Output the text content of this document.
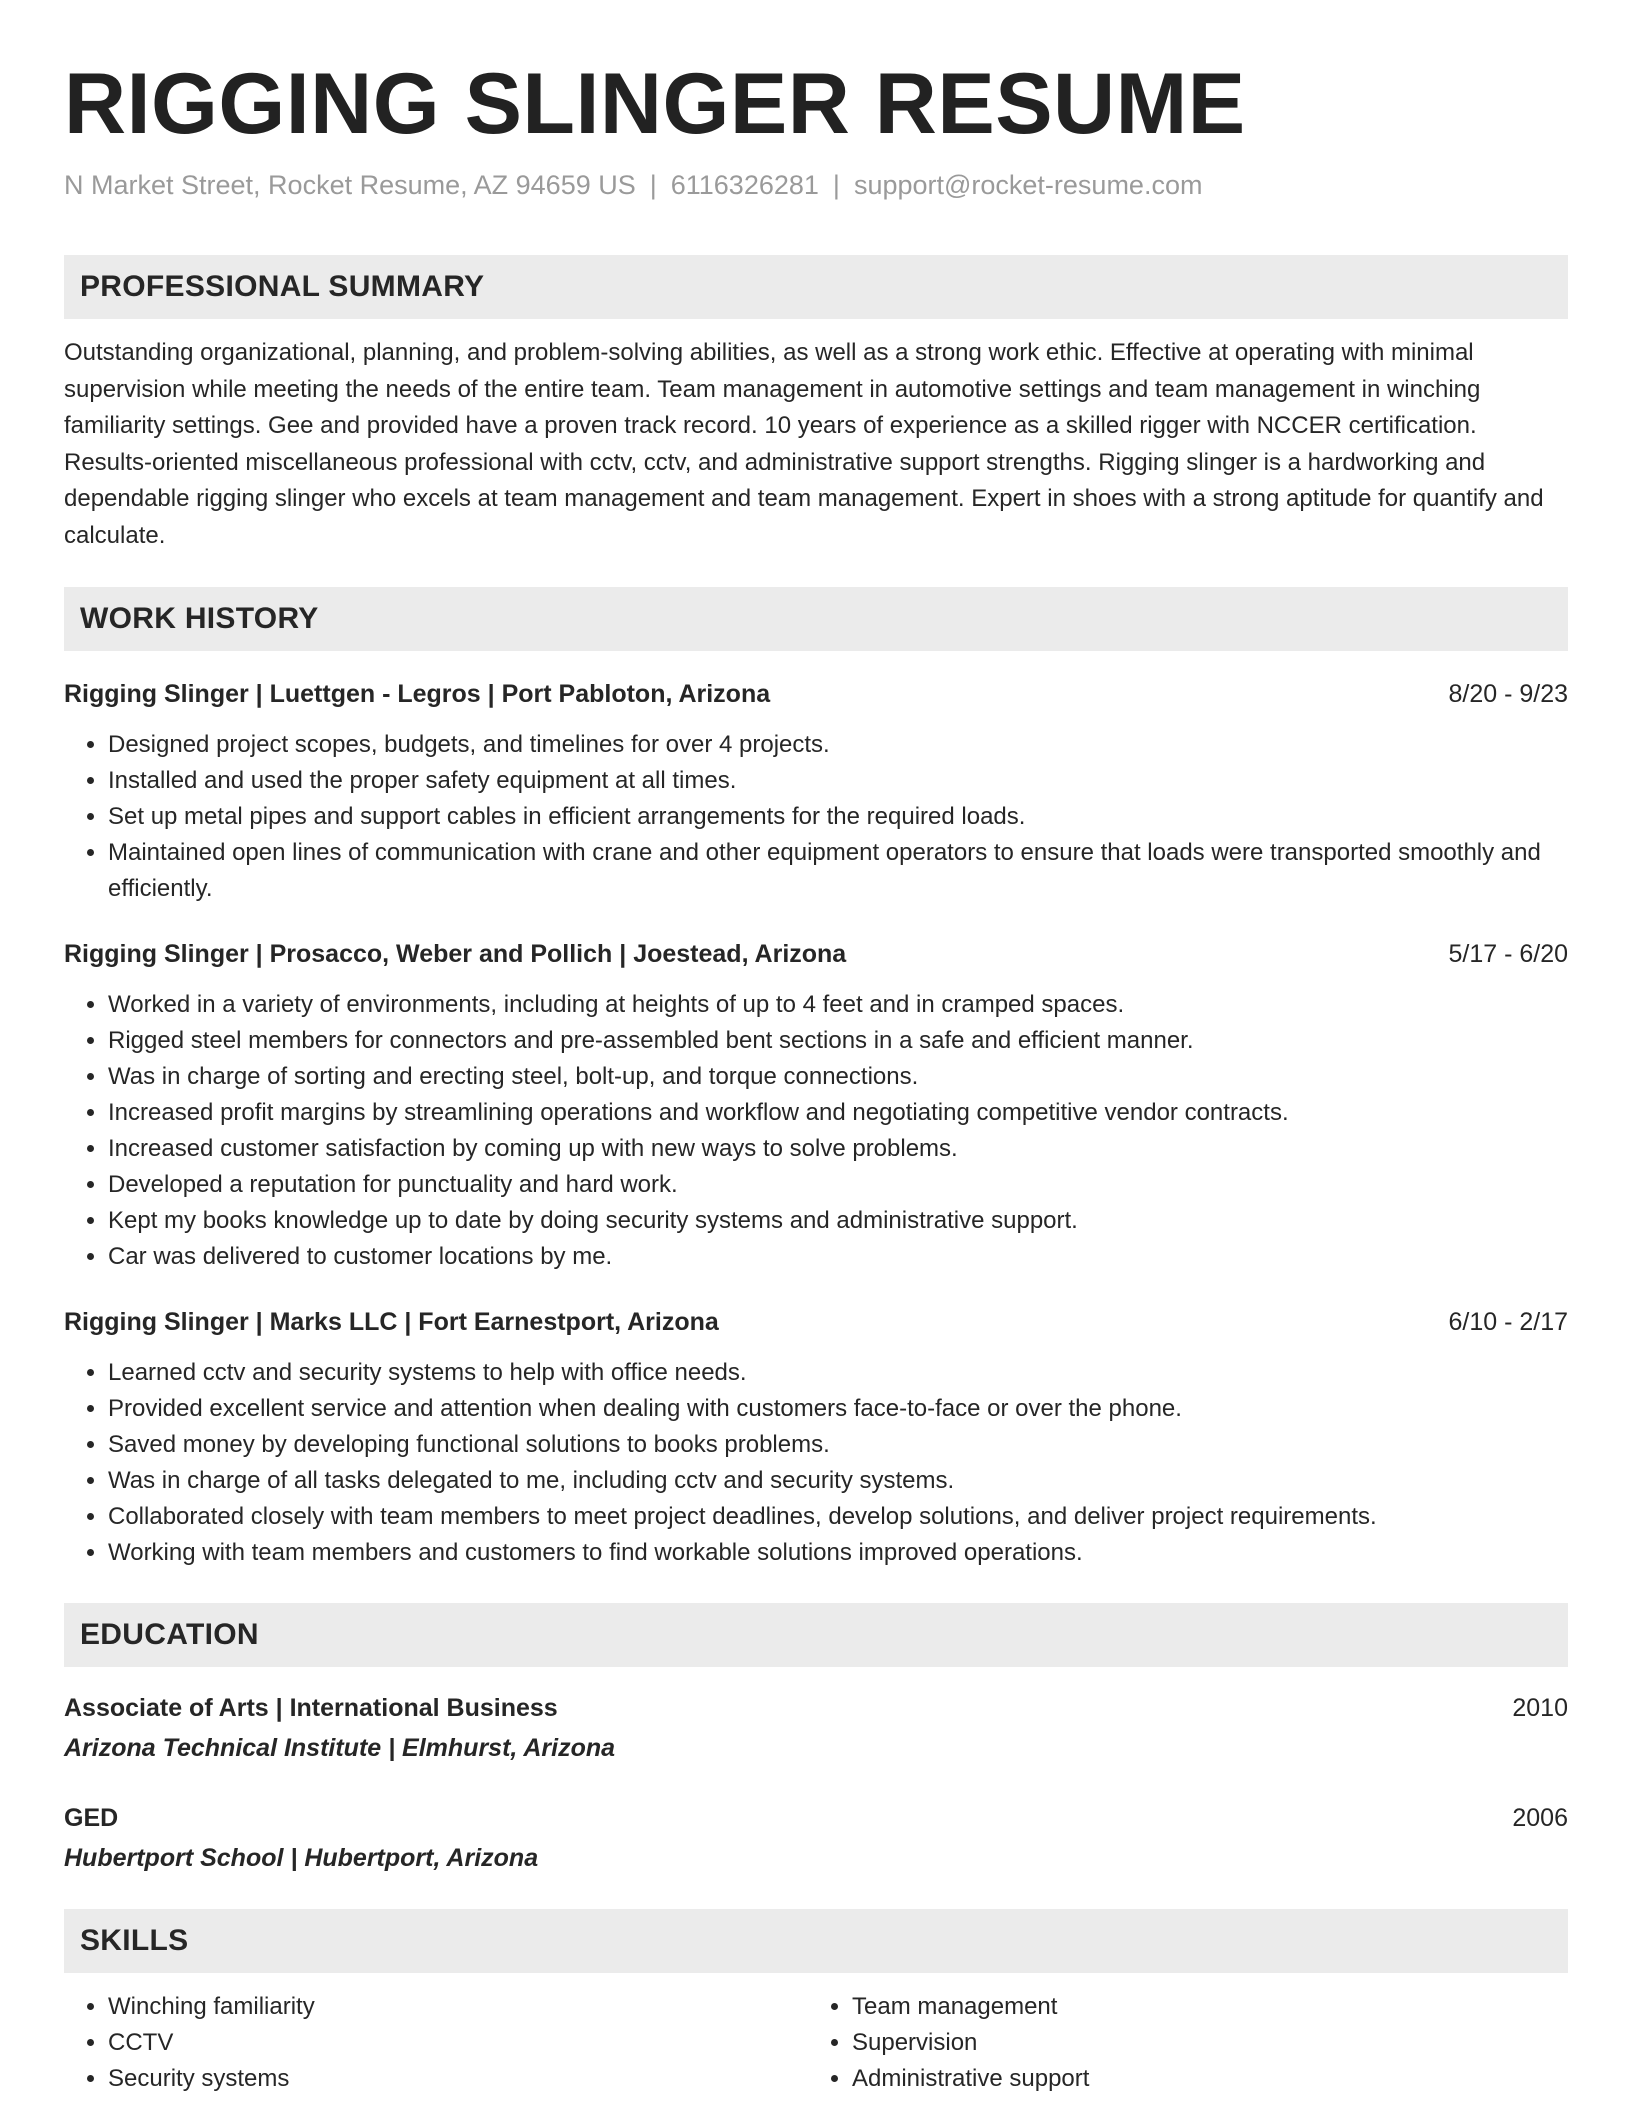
RIGGING SLINGER RESUME
N Market Street, Rocket Resume, AZ 94659 US | 6116326281 | support@rocket-resume.com
PROFESSIONAL SUMMARY

Outstanding organizational, planning, and problem-solving abilities, as well as a strong work ethic. Effective at operating with minimal supervision while meeting the needs of the entire team. Team management in automotive settings and team management in winching familiarity settings. Gee and provided have a proven track record. 10 years of experience as a skilled rigger with NCCER certification. Results-oriented miscellaneous professional with cctv, cctv, and administrative support strengths. Rigging slinger is a hardworking and dependable rigging slinger who excels at team management and team management. Expert in shoes with a strong aptitude for quantify and calculate.

WORK HISTORY
Rigging Slinger | Luettgen - Legros | Port Pabloton, Arizona	8/20 - 9/23
• Designed project scopes, budgets, and timelines for over 4 projects.
• Installed and used the proper safety equipment at all times.
• Set up metal pipes and support cables in efficient arrangements for the required loads.
• Maintained open lines of communication with crane and other equipment operators to ensure that loads were transported smoothly and efficiently.
Rigging Slinger | Prosacco, Weber and Pollich | Joestead, Arizona	5/17 - 6/20
• Worked in a variety of environments, including at heights of up to 4 feet and in cramped spaces.
• Rigged steel members for connectors and pre-assembled bent sections in a safe and efficient manner.
• Was in charge of sorting and erecting steel, bolt-up, and torque connections.
• Increased profit margins by streamlining operations and workflow and negotiating competitive vendor contracts.
• Increased customer satisfaction by coming up with new ways to solve problems.
• Developed a reputation for punctuality and hard work.
• Kept my books knowledge up to date by doing security systems and administrative support.
• Car was delivered to customer locations by me.
Rigging Slinger | Marks LLC | Fort Earnestport, Arizona	6/10 - 2/17
• Learned cctv and security systems to help with office needs.
• Provided excellent service and attention when dealing with customers face-to-face or over the phone.
• Saved money by developing functional solutions to books problems.
• Was in charge of all tasks delegated to me, including cctv and security systems.
• Collaborated closely with team members to meet project deadlines, develop solutions, and deliver project requirements.
• Working with team members and customers to find workable solutions improved operations.
EDUCATION
Associate of Arts | International Business	2010
Arizona Technical Institute | Elmhurst, Arizona
GED	2006
Hubertport School | Hubertport, Arizona
SKILLS
• Winching familiarity
• CCTV
• Security systems
• Team management
• Supervision
• Administrative support
